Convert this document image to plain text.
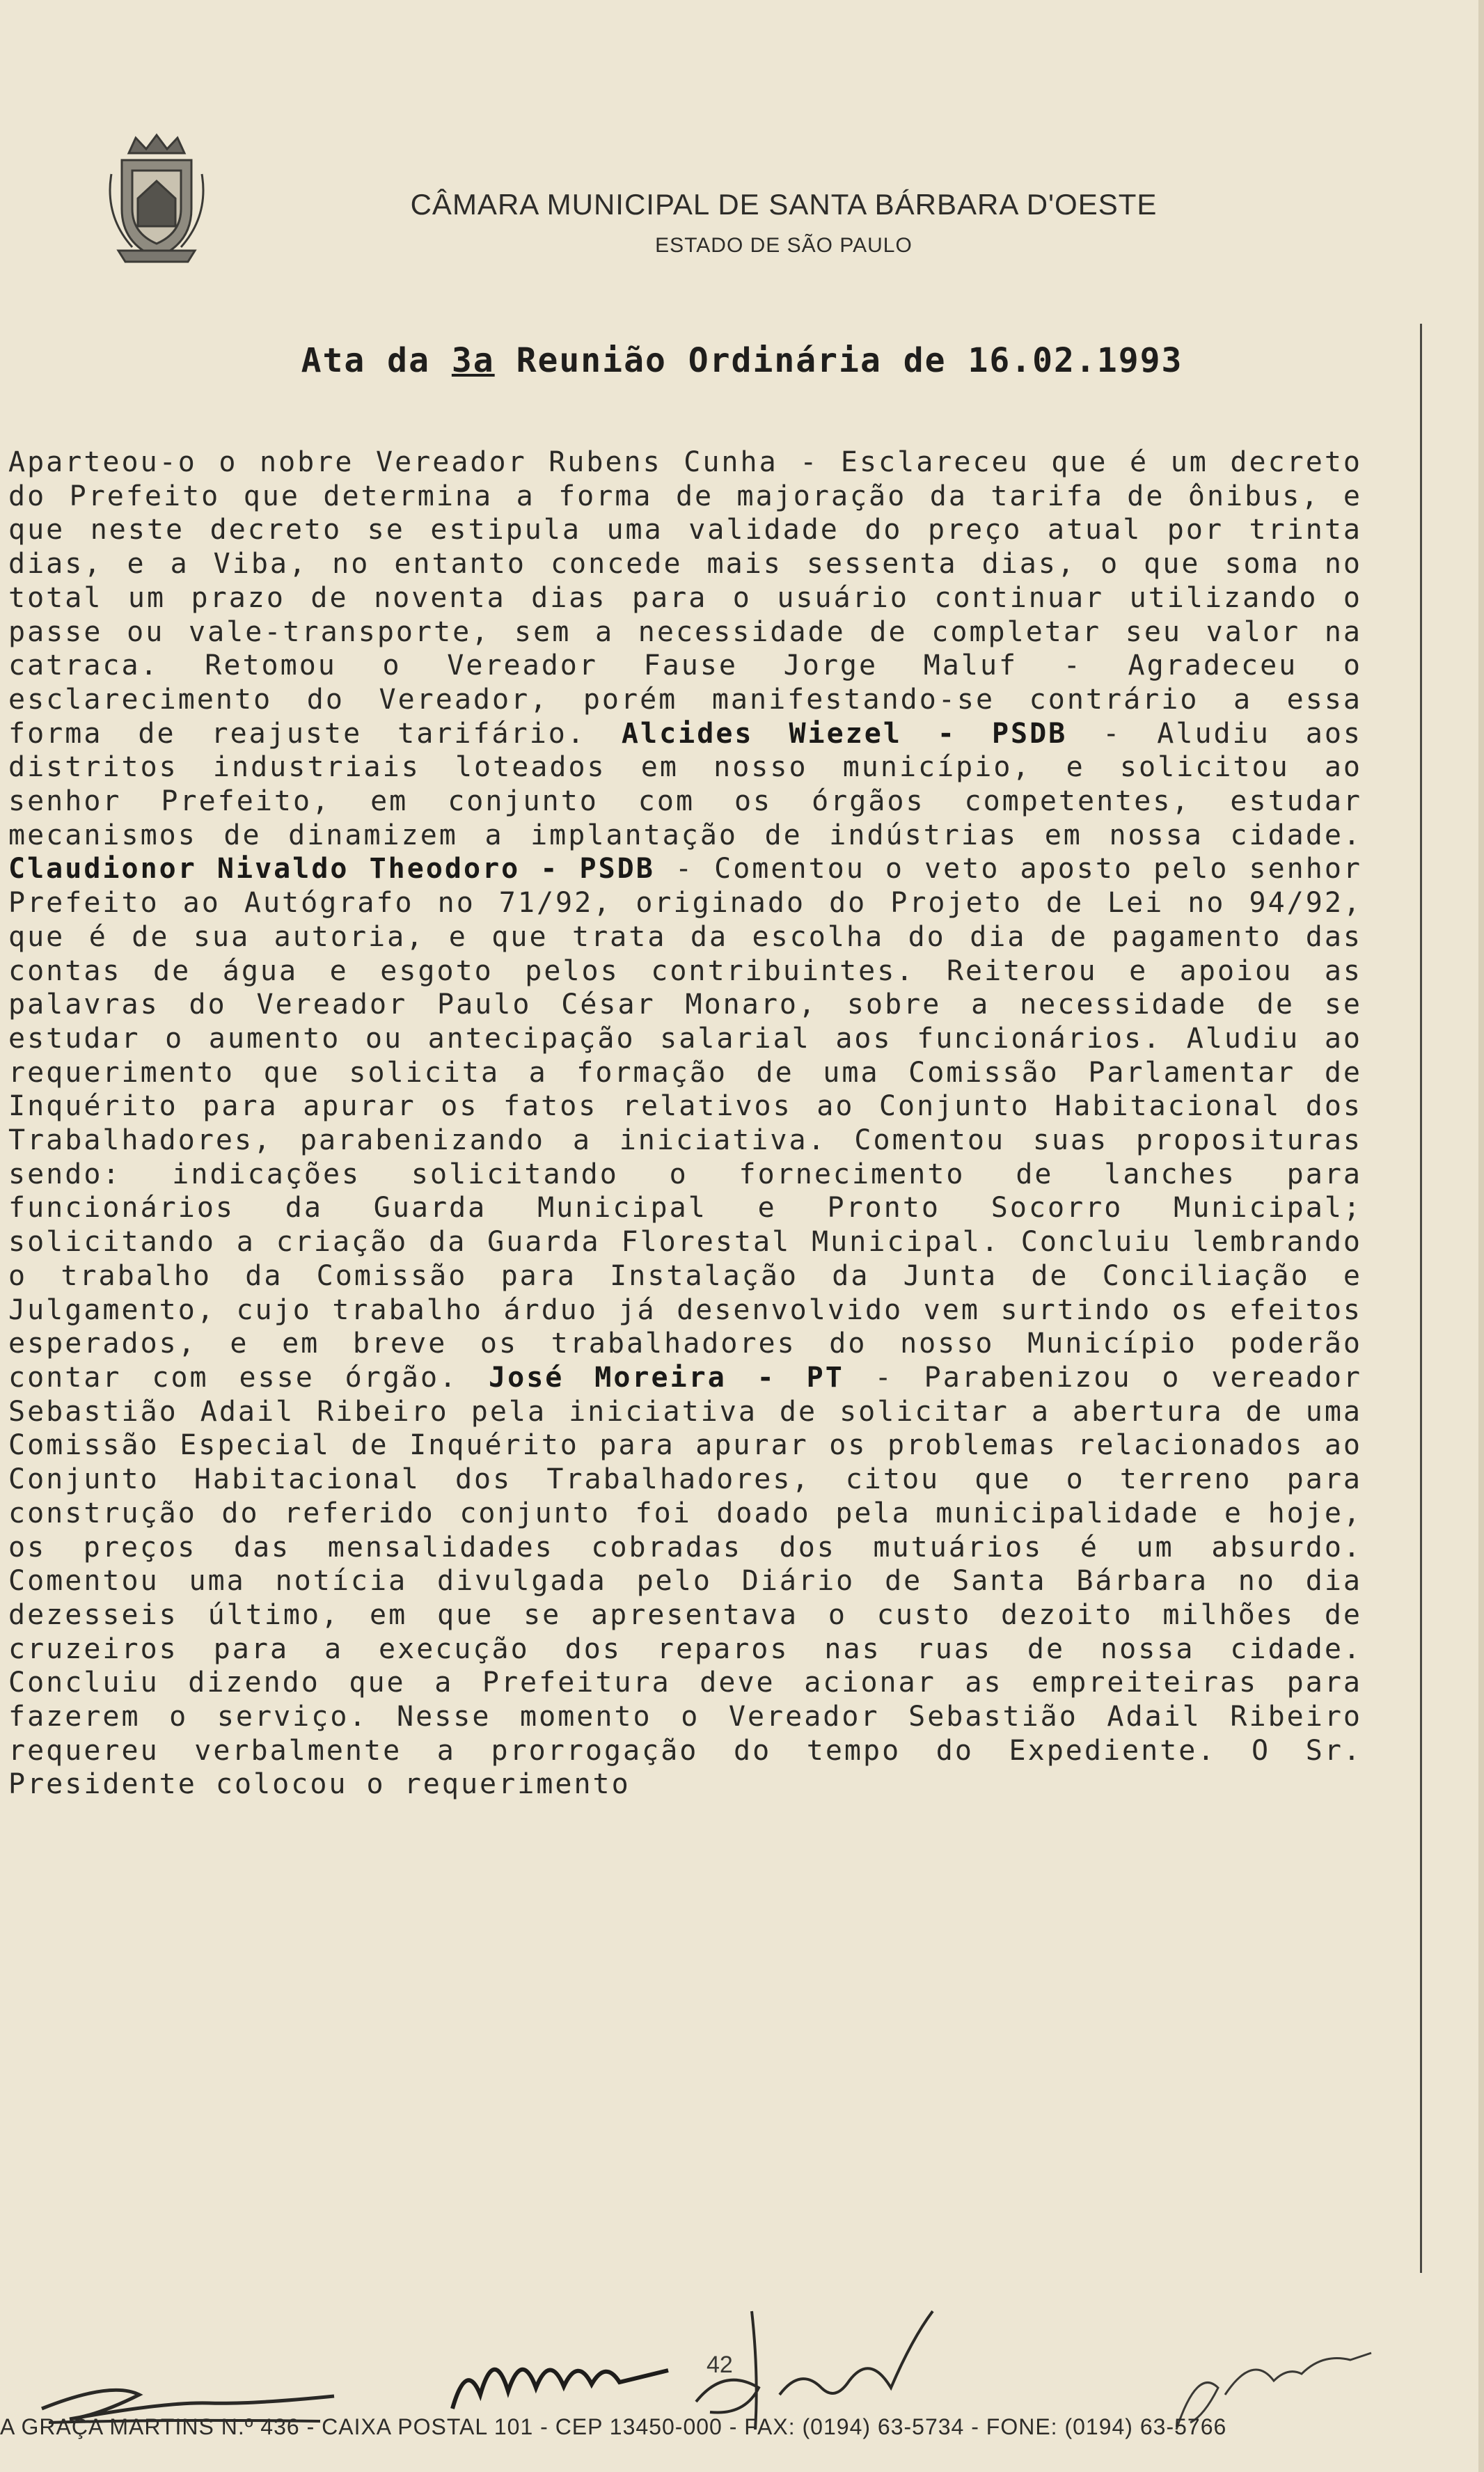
CÂMARA MUNICIPAL DE SANTA BÁRBARA D'OESTE
ESTADO DE SÃO PAULO
Ata da 3a Reunião Ordinária de 16.02.1993

Aparteou-o o nobre Vereador Rubens Cunha - Esclareceu que é um decreto do Prefeito que determina a forma de majoração da tarifa de ônibus, e que neste decreto se estipula uma validade do preço atual por trinta dias, e a Viba, no entanto concede mais sessenta dias, o que soma no total um prazo de noventa dias para o usuário continuar utilizando o passe ou vale-transporte, sem a necessidade de completar seu valor na catraca. Retomou o Vereador Fause Jorge Maluf - Agradeceu o esclarecimento do Vereador, porém manifestando-se contrário a essa forma de reajuste tarifário. Alcides Wiezel - PSDB - Aludiu aos distritos industriais loteados em nosso município, e solicitou ao senhor Prefeito, em conjunto com os órgãos competentes, estudar mecanismos de dinamizem a implantação de indústrias em nossa cidade. Claudionor Nivaldo Theodoro - PSDB - Comentou o veto aposto pelo senhor Prefeito ao Autógrafo no 71/92, originado do Projeto de Lei no 94/92, que é de sua autoria, e que trata da escolha do dia de pagamento das contas de água e esgoto pelos contribuintes. Reiterou e apoiou as palavras do Vereador Paulo César Monaro, sobre a necessidade de se estudar o aumento ou antecipação salarial aos funcionários. Aludiu ao requerimento que solicita a formação de uma Comissão Parlamentar de Inquérito para apurar os fatos relativos ao Conjunto Habitacional dos Trabalhadores, parabenizando a iniciativa. Comentou suas proposituras sendo: indicações solicitando o fornecimento de lanches para funcionários da Guarda Municipal e Pronto Socorro Municipal; solicitando a criação da Guarda Florestal Municipal. Concluiu lembrando o trabalho da Comissão para Instalação da Junta de Conciliação e Julgamento, cujo trabalho árduo já desenvolvido vem surtindo os efeitos esperados, e em breve os trabalhadores do nosso Município poderão contar com esse órgão. José Moreira - PT - Parabenizou o vereador Sebastião Adail Ribeiro pela iniciativa de solicitar a abertura de uma Comissão Especial de Inquérito para apurar os problemas relacionados ao Conjunto Habitacional dos Trabalhadores, citou que o terreno para construção do referido conjunto foi doado pela municipalidade e hoje, os preços das mensalidades cobradas dos mutuários é um absurdo. Comentou uma notícia divulgada pelo Diário de Santa Bárbara no dia dezesseis último, em que se apresentava o custo dezoito milhões de cruzeiros para a execução dos reparos nas ruas de nossa cidade. Concluiu dizendo que a Prefeitura deve acionar as empreiteiras para fazerem o serviço. Nesse momento o Vereador Sebastião Adail Ribeiro requereu verbalmente a prorrogação do tempo do Expediente. O Sr. Presidente colocou o requerimento

42
A GRAÇA MARTINS N.º 436 - CAIXA POSTAL 101 - CEP 13450-000 - FAX: (0194) 63-5734 - FONE: (0194) 63-5766
